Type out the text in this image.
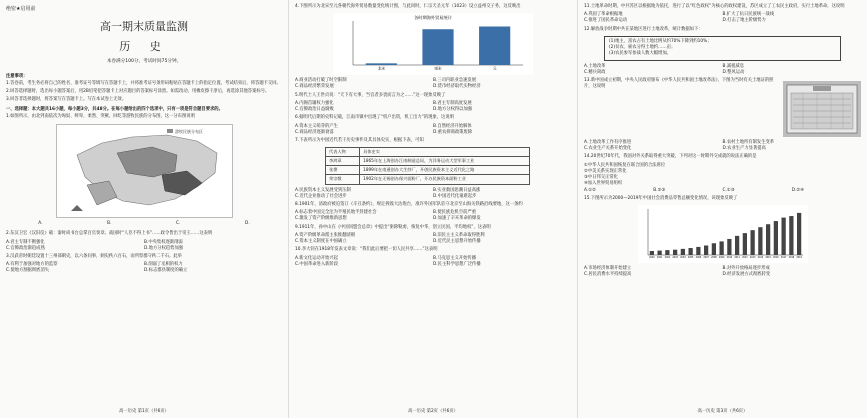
绝密★启用前
高一期末质量监测
历 史
本卷满分100分，考试时间75分钟。
注意事项：
1.答卷前，考生务必将自己的姓名、准考证号等填写在答题卡上，并将准考证号条形码粘贴在答题卡上的指定位置。考试结束后，将答题卡交回。
2.回答选择题时，选出每小题答案后，用2B铅笔把答题卡上对应题目的答案标号涂黑。如需改动，用橡皮擦干净后，再选涂其他答案标号。
3.回答非选择题时，将答案写在答题卡上。写在本试卷上无效。
一、选择题：本大题共16小题，每小题3分，共48分。在每小题给出的四个选项中，只有一项是符合题目要求的。
1.如图所示，由北到南依次为匈奴、鲜卑、柔然、突厥、回纥等游牧民族的分布图，这一分布图说明
游牧民族分布区
A.	B.	C.	D.
2.东汉卫宏《汉旧仪》载：秦时尚书台总掌百官奏章。战国时“人臣不得上书”……政令皆出于帝王……这表明
A.君主专制不断强化	B.中央集权逐渐削弱
C.官僚政治渐趋成熟	D.地方分权趋势加强
3.汉武帝时朝廷设置十三州部刺史，以六条问事，刺史秩六百石，而所察郡守秩二千石。此举
A.有利于加强对地方的监察	B.削弱了丞相的权力
C.使地方割据彻底消失	D.标志郡县制度的确立
高一历史 第1页（共6页）
4.下图所示为北宋至元各朝代海外贸易数量变化统计图，与此同时，仁宗天圣元年（1023）设立益州交子务，这反映出
各时期海外贸易统计
北宋	南宋	元
A.商业活动打破了时空限制	B.三司内职业急速发展
C.商品经济繁荣发展	D.货币经济取代实物经济
5.明代士人王世贞说：“天下有大事，当官者多畏而言为之……”这一现象反映了
A.内阁首辅权力强化	B.君主专制高度发展
C.官僚政治日益腐败	D.地方分权得以加强
6.据明代后期的史料记载，江南市镇中出现了“机户出资，机工出力”的现象，这说明
A.资本主义萌芽的产生	B.自然经济开始解体
C.商品经济逐渐衰落	D.重农抑商政策废除
7.下表所示为中国近代若干历史事件及其具体史实，根据下表，可知
代表人物	具体史实
李鸿章	1865年在上海创办江南制造总局，为洋务运动大型军事工业
张謇	1899年在南通创办大生纱厂，开创民族资本主义近代化之路
荣宗敬	1902年在无锡创办保兴面粉厂，开办民族资本面粉工业
A.民族资本主义发展受到压制	B.实业救国思潮日益高涨
C.近代企业推动了社会进步	D.中国近代化艰难起步
8.1901年，清政府被迫签订《辛丑条约》，规定拆毁大沽炮台，准许外国军队驻守北京至山海关铁路沿线要地，这一条约
A.标志着中国完全沦为半殖民地半封建社会	B.使民族危机空前严重
C.激发了资产阶级维新思想	D.加速了辛亥革命的爆发
9.1911年，孙中山在《中国同盟会总章》中提出“驱除鞑虏，恢复中华，创立民国，平均地权”，这表明
A.资产阶级革命派主张推翻清朝	B.旧民主主义革命取得胜利
C.资本主义制度在中国确立	D.近代民主思想开始传播
10.李大钊在1918年发表文章说：“我们此后要把一切人民共享……”这表明
A.新文化运动开始兴起	B.马克思主义开始传播
C.中国革命进入新阶段	D.民主科学思想广泛传播
高一历史 第2页（共6页）
11.土地革命时期，中共苏区以根据地为依托，进行了以“红色政权”为核心的政权建设，苏区成立了工农民主政府，实行土地革命，这说明
A.巩固了革命根据地	B.扩大了抗日民族统一战线
C.推进了国民革命运动	D.打击了地主阶级势力
12.解放战争时期中共在某地区进行土地改革，统计数据如下：
(1)地主、富农占有土地比例从约70%下降到约10%；
(2)贫农、雇农分得土地约……亩；
(3)农民参军参战人数大幅增加。
A.土地改革	B.减租减息
C.精兵简政	D.整风运动
13.新中国成立初期，中央人民政府颁布《中华人民共和国土地改革法》，下图为当时有关土地证的照片，这说明
A.土地改革工作有序推进	B.农村土地所有制发生变革
C.农业生产关系开始变化	D.农业生产力显著提高
14.20世纪70年代，我国对外关系取得重大突破，下列对这一时期外交成就的说法正确的是
①中华人民共和国恢复在联合国的合法席位
②中美关系实现正常化
③中日邦交正常化
④加入世界贸易组织
A.①②	B.②③	C.①③	D.②④
15.下图所示为2000—2019年中国社会消费品零售总额变化情况，该现象反映了
2000 2001 2002 2003 2004 2005 2006 2007 2008 2009 2010 2011 2012 2013 2014 2015 2016 2017 2018 2019
A.市场经济体制开始建立	B.对外开放格局逐步形成
C.居民消费水平持续提高	D.经济发展方式彻底转变
高一历史 第3页（共6页）
